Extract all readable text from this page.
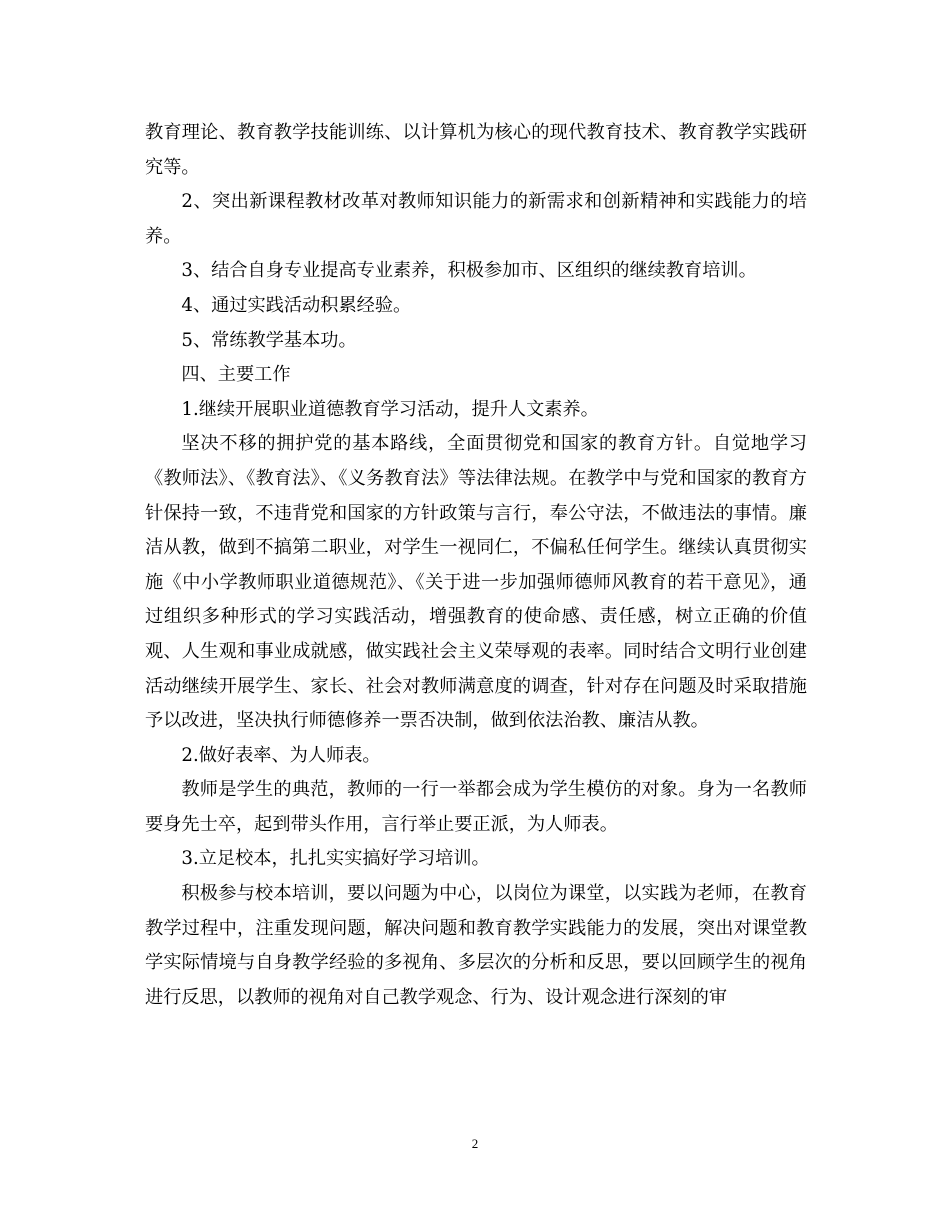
教育理论、教育教学技能训练、以计算机为核心的现代教育技术、教育教学实践研究等。

2、突出新课程教材改革对教师知识能力的新需求和创新精神和实践能力的培养。

3、结合自身专业提高专业素养，积极参加市、区组织的继续教育培训。

4、通过实践活动积累经验。

5、常练教学基本功。

四、主要工作

1.继续开展职业道德教育学习活动，提升人文素养。

坚决不移的拥护党的基本路线，全面贯彻党和国家的教育方针。自觉地学习《教师法》、《教育法》、《义务教育法》等法律法规。在教学中与党和国家的教育方针保持一致，不违背党和国家的方针政策与言行，奉公守法，不做违法的事情。廉洁从教，做到不搞第二职业，对学生一视同仁，不偏私任何学生。继续认真贯彻实施《中小学教师职业道德规范》、《关于进一步加强师德师风教育的若干意见》，通过组织多种形式的学习实践活动，增强教育的使命感、责任感，树立正确的价值观、人生观和事业成就感，做实践社会主义荣辱观的表率。同时结合文明行业创建活动继续开展学生、家长、社会对教师满意度的调查，针对存在问题及时采取措施予以改进，坚决执行师德修养一票否决制，做到依法治教、廉洁从教。

2.做好表率、为人师表。

教师是学生的典范，教师的一行一举都会成为学生模仿的对象。身为一名教师要身先士卒，起到带头作用，言行举止要正派，为人师表。

3.立足校本，扎扎实实搞好学习培训。

积极参与校本培训，要以问题为中心，以岗位为课堂，以实践为老师，在教育教学过程中，注重发现问题，解决问题和教育教学实践能力的发展，突出对课堂教学实际情境与自身教学经验的多视角、多层次的分析和反思，要以回顾学生的视角进行反思，以教师的视角对自己教学观念、行为、设计观念进行深刻的审

2
